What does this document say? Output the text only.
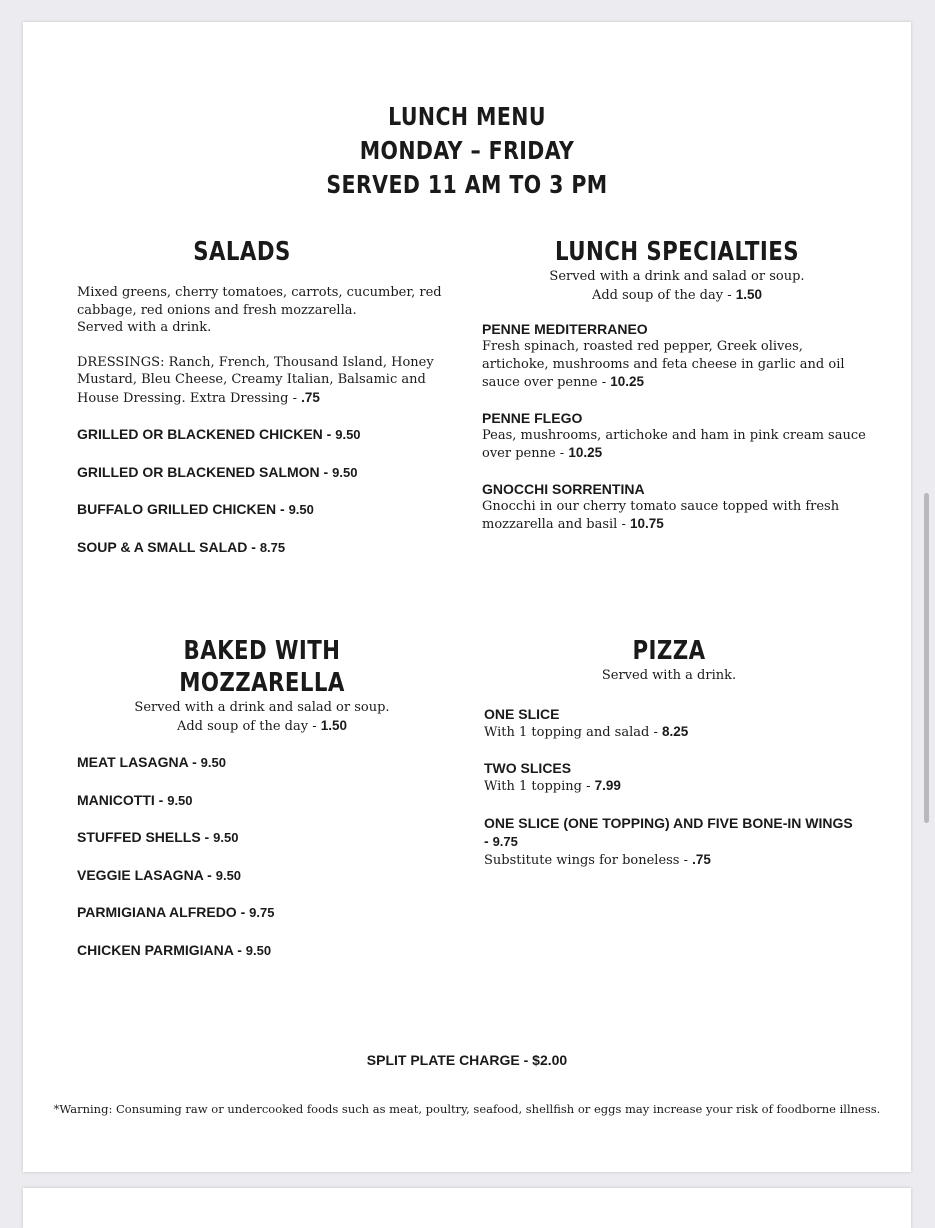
LUNCH MENU
MONDAY – FRIDAY
SERVED 11 AM TO 3 PM
SALADS
Mixed greens, cherry tomatoes, carrots, cucumber, red cabbage, red onions and fresh mozzarella.
Served with a drink.
DRESSINGS: Ranch, French, Thousand Island, Honey Mustard, Bleu Cheese, Creamy Italian, Balsamic and House Dressing. Extra Dressing - .75
GRILLED OR BLACKENED CHICKEN - 9.50
GRILLED OR BLACKENED SALMON - 9.50
BUFFALO GRILLED CHICKEN - 9.50
SOUP & A SMALL SALAD - 8.75
LUNCH SPECIALTIES
Served with a drink and salad or soup.
Add soup of the day - 1.50
PENNE MEDITERRANEO
Fresh spinach, roasted red pepper, Greek olives, artichoke, mushrooms and feta cheese in garlic and oil sauce over penne - 10.25
PENNE FLEGO
Peas, mushrooms, artichoke and ham in pink cream sauce over penne - 10.25
GNOCCHI SORRENTINA
Gnocchi in our cherry tomato sauce topped with fresh mozzarella and basil - 10.75
BAKED WITH MOZZARELLA
Served with a drink and salad or soup.
Add soup of the day - 1.50
MEAT LASAGNA - 9.50
MANICOTTI - 9.50
STUFFED SHELLS - 9.50
VEGGIE LASAGNA - 9.50
PARMIGIANA ALFREDO - 9.75
CHICKEN PARMIGIANA - 9.50
PIZZA
Served with a drink.
ONE SLICE
With 1 topping and salad - 8.25
TWO SLICES
With 1 topping - 7.99
ONE SLICE (ONE TOPPING) AND FIVE BONE-IN WINGS - 9.75
Substitute wings for boneless - .75
SPLIT PLATE CHARGE - $2.00
*Warning: Consuming raw or undercooked foods such as meat, poultry, seafood, shellfish or eggs may increase your risk of foodborne illness.
